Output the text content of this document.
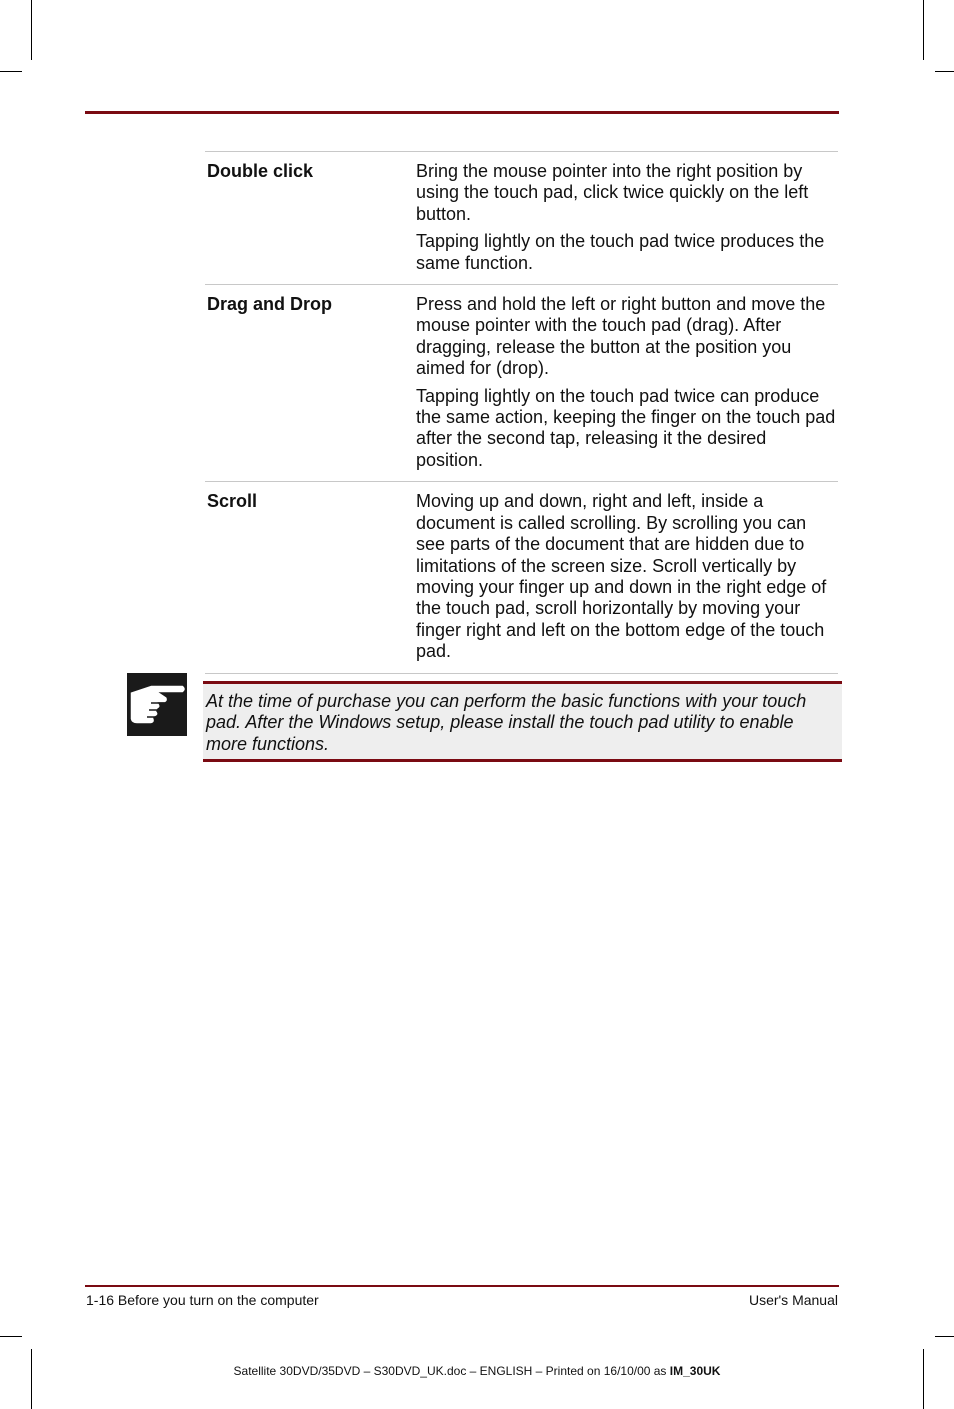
Double click	Bring the mouse pointer into the right position by using the touch pad, click twice quickly on the left button.

Tapping lightly on the touch pad twice produces the same function.

Drag and Drop	Press and hold the left or right button and move the mouse pointer with the touch pad (drag). After dragging, release the button at the position you aimed for (drop).

Tapping lightly on the touch pad twice can produce the same action, keeping the finger on the touch pad after the second tap, releasing it the desired position.

Scroll	Moving up and down, right and left, inside a document is called scrolling. By scrolling you can see parts of the document that are hidden due to limitations of the screen size. Scroll vertically by moving your finger up and down in the right edge of the touch pad, scroll horizontally by moving your finger right and left on the bottom edge of the touch pad.

At the time of purchase you can perform the basic functions with your touch pad. After the Windows setup, please install the touch pad utility to enable more functions.
1-16 Before you turn on the computer	User's Manual
Satellite 30DVD/35DVD – S30DVD_UK.doc – ENGLISH – Printed on 16/10/00 as IM_30UK
